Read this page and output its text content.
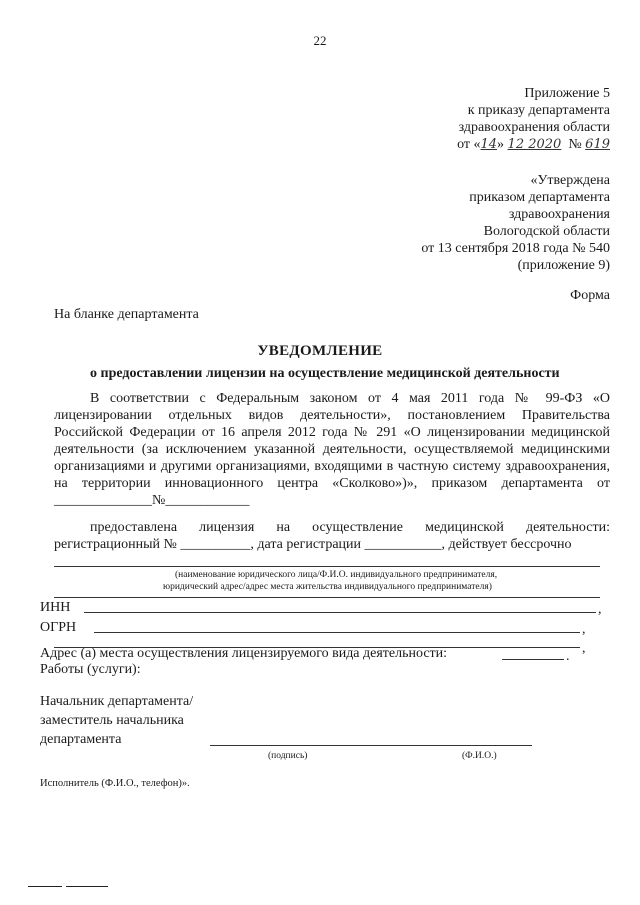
22
Приложение 5
к приказу департамента
здравоохранения области
от «14» 12 2020 № 619
«Утверждена
приказом департамента
здравоохранения
Вологодской области
от 13 сентября 2018 года № 540
(приложение 9)
Форма
На бланке департамента
УВЕДОМЛЕНИЕ
о предоставлении лицензии на осуществление медицинской деятельности
В соответствии с Федеральным законом от 4 мая 2011 года № 99-ФЗ «О лицензировании отдельных видов деятельности», постановлением Правительства Российской Федерации от 16 апреля 2012 года № 291 «О лицензировании медицинской деятельности (за исключением указанной деятельности, осуществляемой медицинскими организациями и другими организациями, входящими в частную систему здравоохранения, на территории инновационного центра «Сколково»)», приказом департамента от ______________№____________
предоставлена лицензия на осуществление медицинской деятельности: регистрационный № __________, дата регистрации ___________, действует бессрочно
(наименование юридического лица/Ф.И.О. индивидуального предпринимателя,
юридический адрес/адрес места жительства индивидуального предпринимателя)
ИНН	,
ОГРН	,
,
Адрес (а) места осуществления лицензируемого вида деятельности:	.
Работы (услуги):
Начальник департамента/
заместитель начальника
департамента
(подпись)	(Ф.И.О.)
Исполнитель (Ф.И.О., телефон)».
